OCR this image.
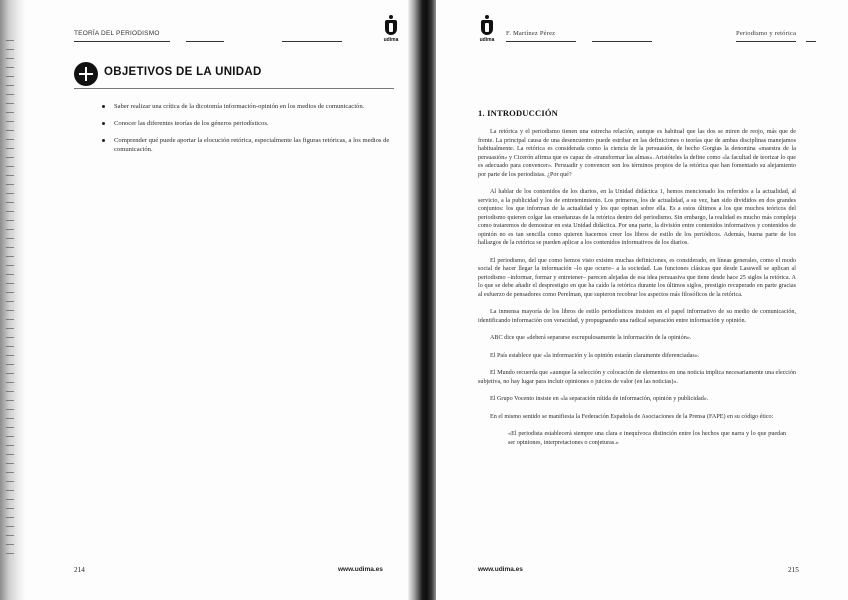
TEORÍA DEL PERIODISMO
udima
OBJETIVOS DE LA UNIDAD
Saber realizar una crítica de la dicotomía información-opinión en los medios de comunicación.
Conocer las diferentes teorías de los géneros periodísticos.
Comprender qué puede aportar la elocución retórica, especialmente las figuras retóricas, a los medios de comunicación.
214	www.udima.es
udima
F. Martínez Pérez	Periodismo y retórica
www.udima.es	215
1. INTRODUCCIÓN

La retórica y el periodismo tienen una estrecha relación, aunque es habitual que las dos se miren de reojo, más que de frente. La principal causa de una desencuentro puede estribar en las definiciones o teorías que de ambas disciplinas manejamos habitualmente. La retórica es considerada como la ciencia de la persuasión, de hecho Gorgias la denomina «maestra de la persuasión» y Cicerón afirma que es capaz de «transformar las almas». Aristóteles la define como «la facultad de teorizar lo que es adecuado para convencer». Persuadir y convencer son los términos propios de la retórica que han fomentado su alejamiento por parte de los periodistas. ¿Por qué?

Al hablar de los contenidos de los diarios, en la Unidad didáctica 1, hemos mencionado los referidos a la actualidad, al servicio, a la publicidad y los de entretenimiento. Los primeros, los de actualidad, a su vez, han sido divididos en dos grandes conjuntos: los que informan de la actualidad y los que opinan sobre ella. Es a estos últimos a los que muchos teóricos del periodismo quieren colgar las enseñanzas de la retórica dentro del periodismo. Sin embargo, la realidad es mucho más compleja como trataremos de demostrar en esta Unidad didáctica. Por una parte, la división entre contenidos informativos y contenidos de opinión no es tan sencilla como quieren hacernos creer los libros de estilo de los periódicos. Además, buena parte de los hallazgos de la retórica se pueden aplicar a los contenidos informativos de los diarios.

El periodismo, del que como hemos visto existen muchas definiciones, es considerado, en líneas generales, como el modo social de hacer llegar la información –lo que ocurre– a la sociedad. Las funciones clásicas que desde Lasswell se aplican al periodismo –informar, formar y entretener– parecen alejadas de esa idea persuasiva que tiene desde hace 25 siglos la retórica. A lo que se debe añadir el desprestigio en que ha caído la retórica durante los últimos siglos, prestigio recuperado en parte gracias al esfuerzo de pensadores como Perelman, que supieron recobrar los aspectos más filosóficos de la retórica.

La inmensa mayoría de los libros de estilo periodísticos insisten en el papel informativo de su medio de comunicación, identificando información con veracidad, y propugnando una radical separación entre información y opinión.

ABC dice que «deberá separarse escrupulosamente la información de la opinión».

El País establece que «la información y la opinión estarán claramente diferenciadas».

El Mundo recuerda que «aunque la selección y colocación de elementos en una noticia implica necesariamente una elección subjetiva, no hay lugar para incluir opiniones o juicios de valor (en las noticias)».

El Grupo Vocento insiste en «la separación nítida de información, opinión y publicidad».

En el mismo sentido se manifiesta la Federación Española de Asociaciones de la Prensa (FAPE) en su código ético:

«El periodista establecerá siempre una clara e inequívoca distinción entre los hechos que narra y lo que puedan ser opiniones, interpretaciones o conjeturas.»
